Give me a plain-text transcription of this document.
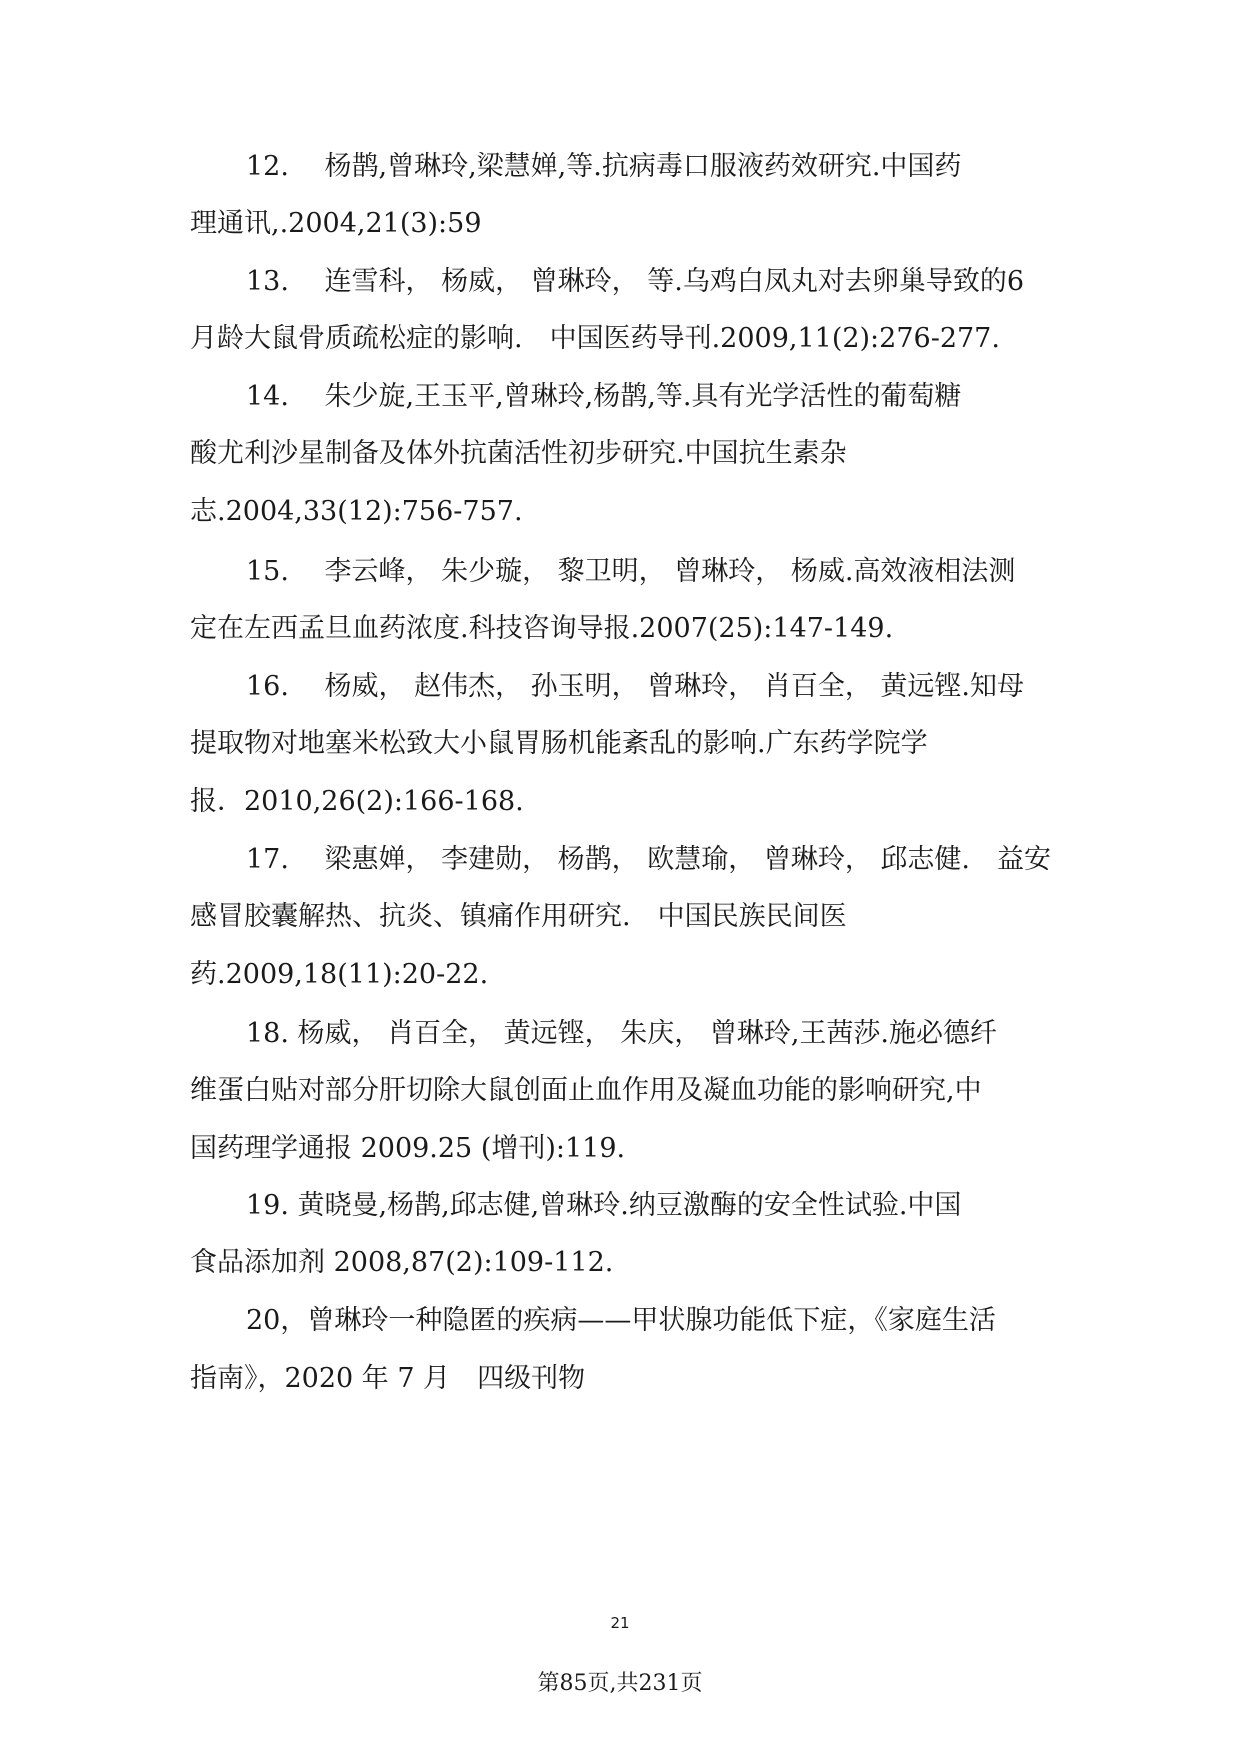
12.　 杨鹊,曾琳玲,梁慧婵,等.抗病毒口服液药效研究.中国药
理通讯,.2004,21(3):59
13.　 连雪科， 杨威， 曾琳玲， 等.乌鸡白凤丸对去卵巢导致的6
月龄大鼠骨质疏松症的影响.　中国医药导刊.2009,11(2):276-277.
14.　 朱少旋,王玉平,曾琳玲,杨鹊,等.具有光学活性的葡萄糖
酸尤利沙星制备及体外抗菌活性初步研究.中国抗生素杂
志.2004,33(12):756-757.
15.　 李云峰， 朱少璇， 黎卫明， 曾琳玲， 杨威.高效液相法测
定在左西孟旦血药浓度.科技咨询导报.2007(25):147-149.
16.　 杨威， 赵伟杰， 孙玉明， 曾琳玲， 肖百全， 黄远铿.知母
提取物对地塞米松致大小鼠胃肠机能紊乱的影响.广东药学院学
报．2010,26(2):166-168.
17.　 梁惠婵， 李建勋， 杨鹊， 欧慧瑜， 曾琳玲， 邱志健.　益安
感冒胶囊解热、抗炎、镇痛作用研究.　中国民族民间医
药.2009,18(11):20-22.
18. 杨威， 肖百全， 黄远铿， 朱庆， 曾琳玲,王茜莎.施必德纤
维蛋白贴对部分肝切除大鼠创面止血作用及凝血功能的影响研究,中
国药理学通报 2009.25 (增刊):119.
19. 黄晓曼,杨鹊,邱志健,曾琳玲.纳豆激酶的安全性试验.中国
食品添加剂 2008,87(2):109-112.
20，曾琳玲一种隐匿的疾病——甲状腺功能低下症，《家庭生活
指南》，2020 年 7 月　四级刊物
21
第85页,共231页
